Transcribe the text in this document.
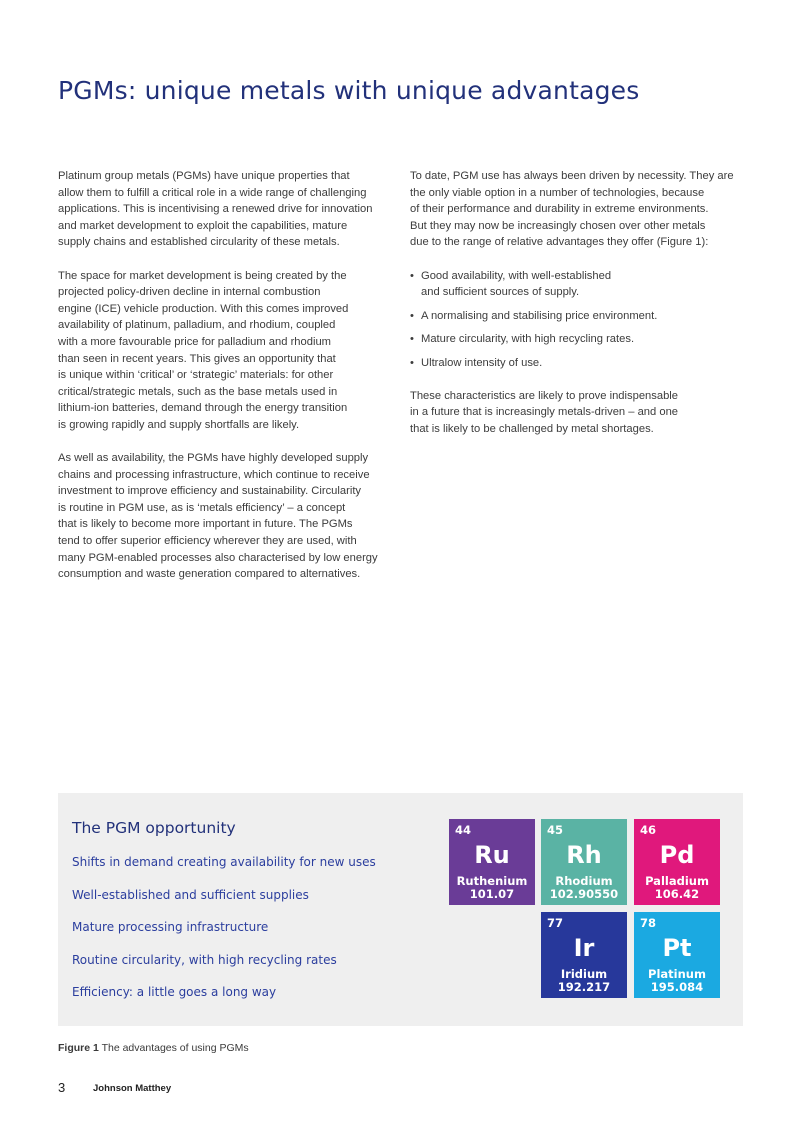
PGMs: unique metals with unique advantages

Platinum group metals (PGMs) have unique properties that
allow them to fulfill a critical role in a wide range of challenging
applications. This is incentivising a renewed drive for innovation
and market development to exploit the capabilities, mature
supply chains and established circularity of these metals.

The space for market development is being created by the
projected policy-driven decline in internal combustion
engine (ICE) vehicle production. With this comes improved
availability of platinum, palladium, and rhodium, coupled
with a more favourable price for palladium and rhodium
than seen in recent years. This gives an opportunity that
is unique within ‘critical’ or ‘strategic’ materials: for other
critical/strategic metals, such as the base metals used in
lithium-ion batteries, demand through the energy transition
is growing rapidly and supply shortfalls are likely.

As well as availability, the PGMs have highly developed supply
chains and processing infrastructure, which continue to receive
investment to improve efficiency and sustainability. Circularity
is routine in PGM use, as is ‘metals efficiency’ – a concept
that is likely to become more important in future. The PGMs
tend to offer superior efficiency wherever they are used, with
many PGM-enabled processes also characterised by low energy
consumption and waste generation compared to alternatives.

To date, PGM use has always been driven by necessity. They are
the only viable option in a number of technologies, because
of their performance and durability in extreme environments.
But they may now be increasingly chosen over other metals
due to the range of relative advantages they offer (Figure 1):

• Good availability, with well-established
and sufficient sources of supply.
• A normalising and stabilising price environment.
• Mature circularity, with high recycling rates.
• Ultralow intensity of use.

These characteristics are likely to prove indispensable
in a future that is increasingly metals-driven – and one
that is likely to be challenged by metal shortages.

The PGM opportunity
Shifts in demand creating availability for new uses
Well-established and sufficient supplies
Mature processing infrastructure
Routine circularity, with high recycling rates
Efficiency: a little goes a long way
44
Ru
Ruthenium
101.07
45
Rh
Rhodium
102.90550
46
Pd
Palladium
106.42
77
Ir
Iridium
192.217
78
Pt
Platinum
195.084
Figure 1 The advantages of using PGMs
3	Johnson Matthey
